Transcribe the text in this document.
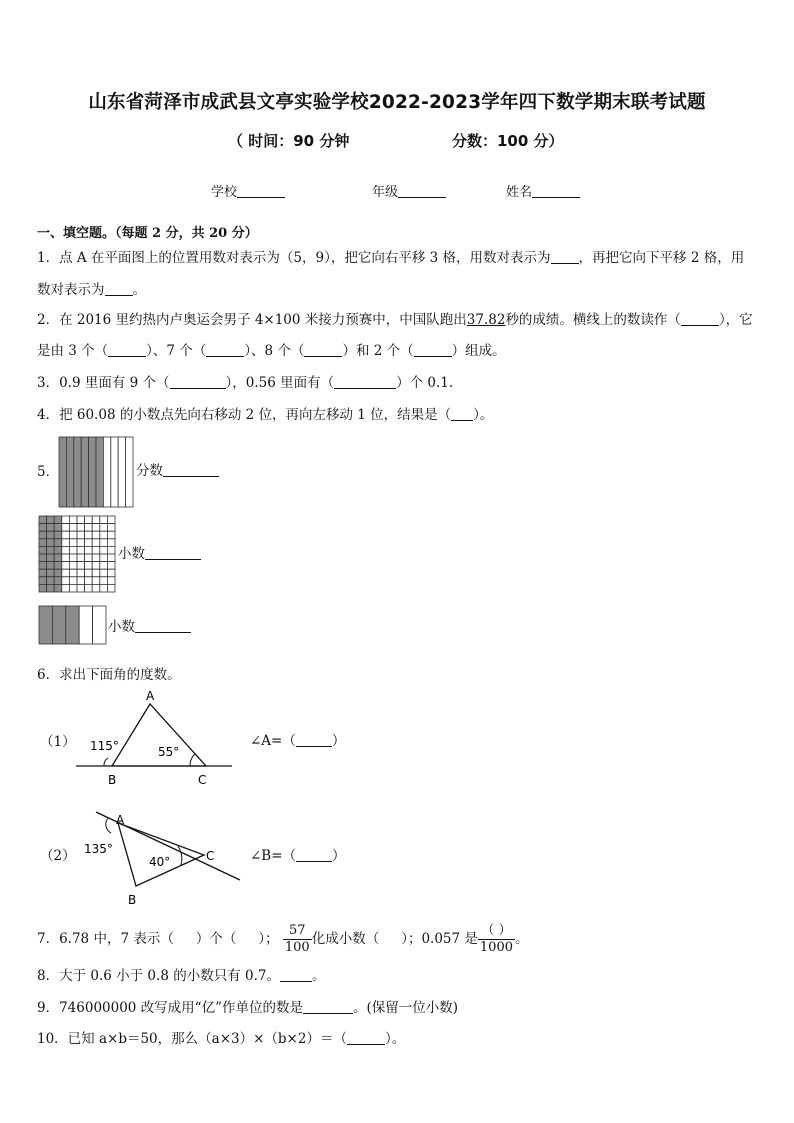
山东省菏泽市成武县文亭实验学校2022-2023学年四下数学期末联考试题
（ 时间：90 分钟	分数：100 分）
学校	年级	姓名
一、填空题。（每题 2 分，共 20 分）
1．点 A 在平面图上的位置用数对表示为（5，9），把它向右平移 3 格，用数对表示为 ，再把它向下平移 2 格，用
数对表示为 。
2．在 2016 里约热内卢奥运会男子 4×100 米接力预赛中，中国队跑出37.82秒的成绩。横线上的数读作（	），它
是由 3 个（	）、7 个（	）、8 个（	）和 2 个（	）组成。
3．0.9 里面有 9 个（	），0.56 里面有（	）个 0.1.
4．把 60.08 的小数点先向右移动 2 位，再向左移动 1 位，结果是（ ）。
5．	分数
小数
小数
6．求出下面角的度数。
（1）
A
B	C
115°	55°
∠A=（	）
（2）
A
B
C
135°
40°	∠B=（	）
7．6.78 中，7 表示（ ）个（ ）； $\frac{57}{100}$ 化成小数（ ）；0.057 是 $\frac{( )}{1000}$ 。
8．大于 0.6 小于 0.8 的小数只有 0.7。 。
9．746000000 改写成用“亿”作单位的数是	。(保留一位小数)
10．已知 a×b＝50，那么（a×3）×（b×2）＝（	）。
